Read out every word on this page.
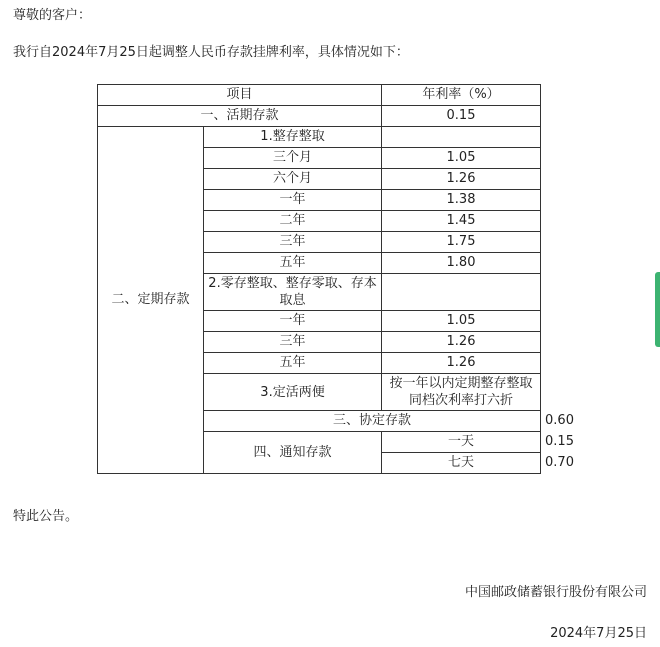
尊敬的客户：
我行自2024年7月25日起调整人民币存款挂牌利率，具体情况如下：
项目		年利率（%）	
一、活期存款		0.15	
二、定期存款	1.整存整取		
	三个月	1.05	
	六个月	1.26	
	一年	1.38	
	二年	1.45	
	三年	1.75	
	五年	1.80	
	2.零存整取、整存零取、存本取息		
	一年	1.05	
	三年	1.26	
	五年	1.26	
	3.定活两便	按一年以内定期整存整取同档次利率打六折	
	三、协定存款		0.60
	四、通知存款	一天	0.15
		七天	0.70
特此公告。
中国邮政储蓄银行股份有限公司
2024年7月25日
